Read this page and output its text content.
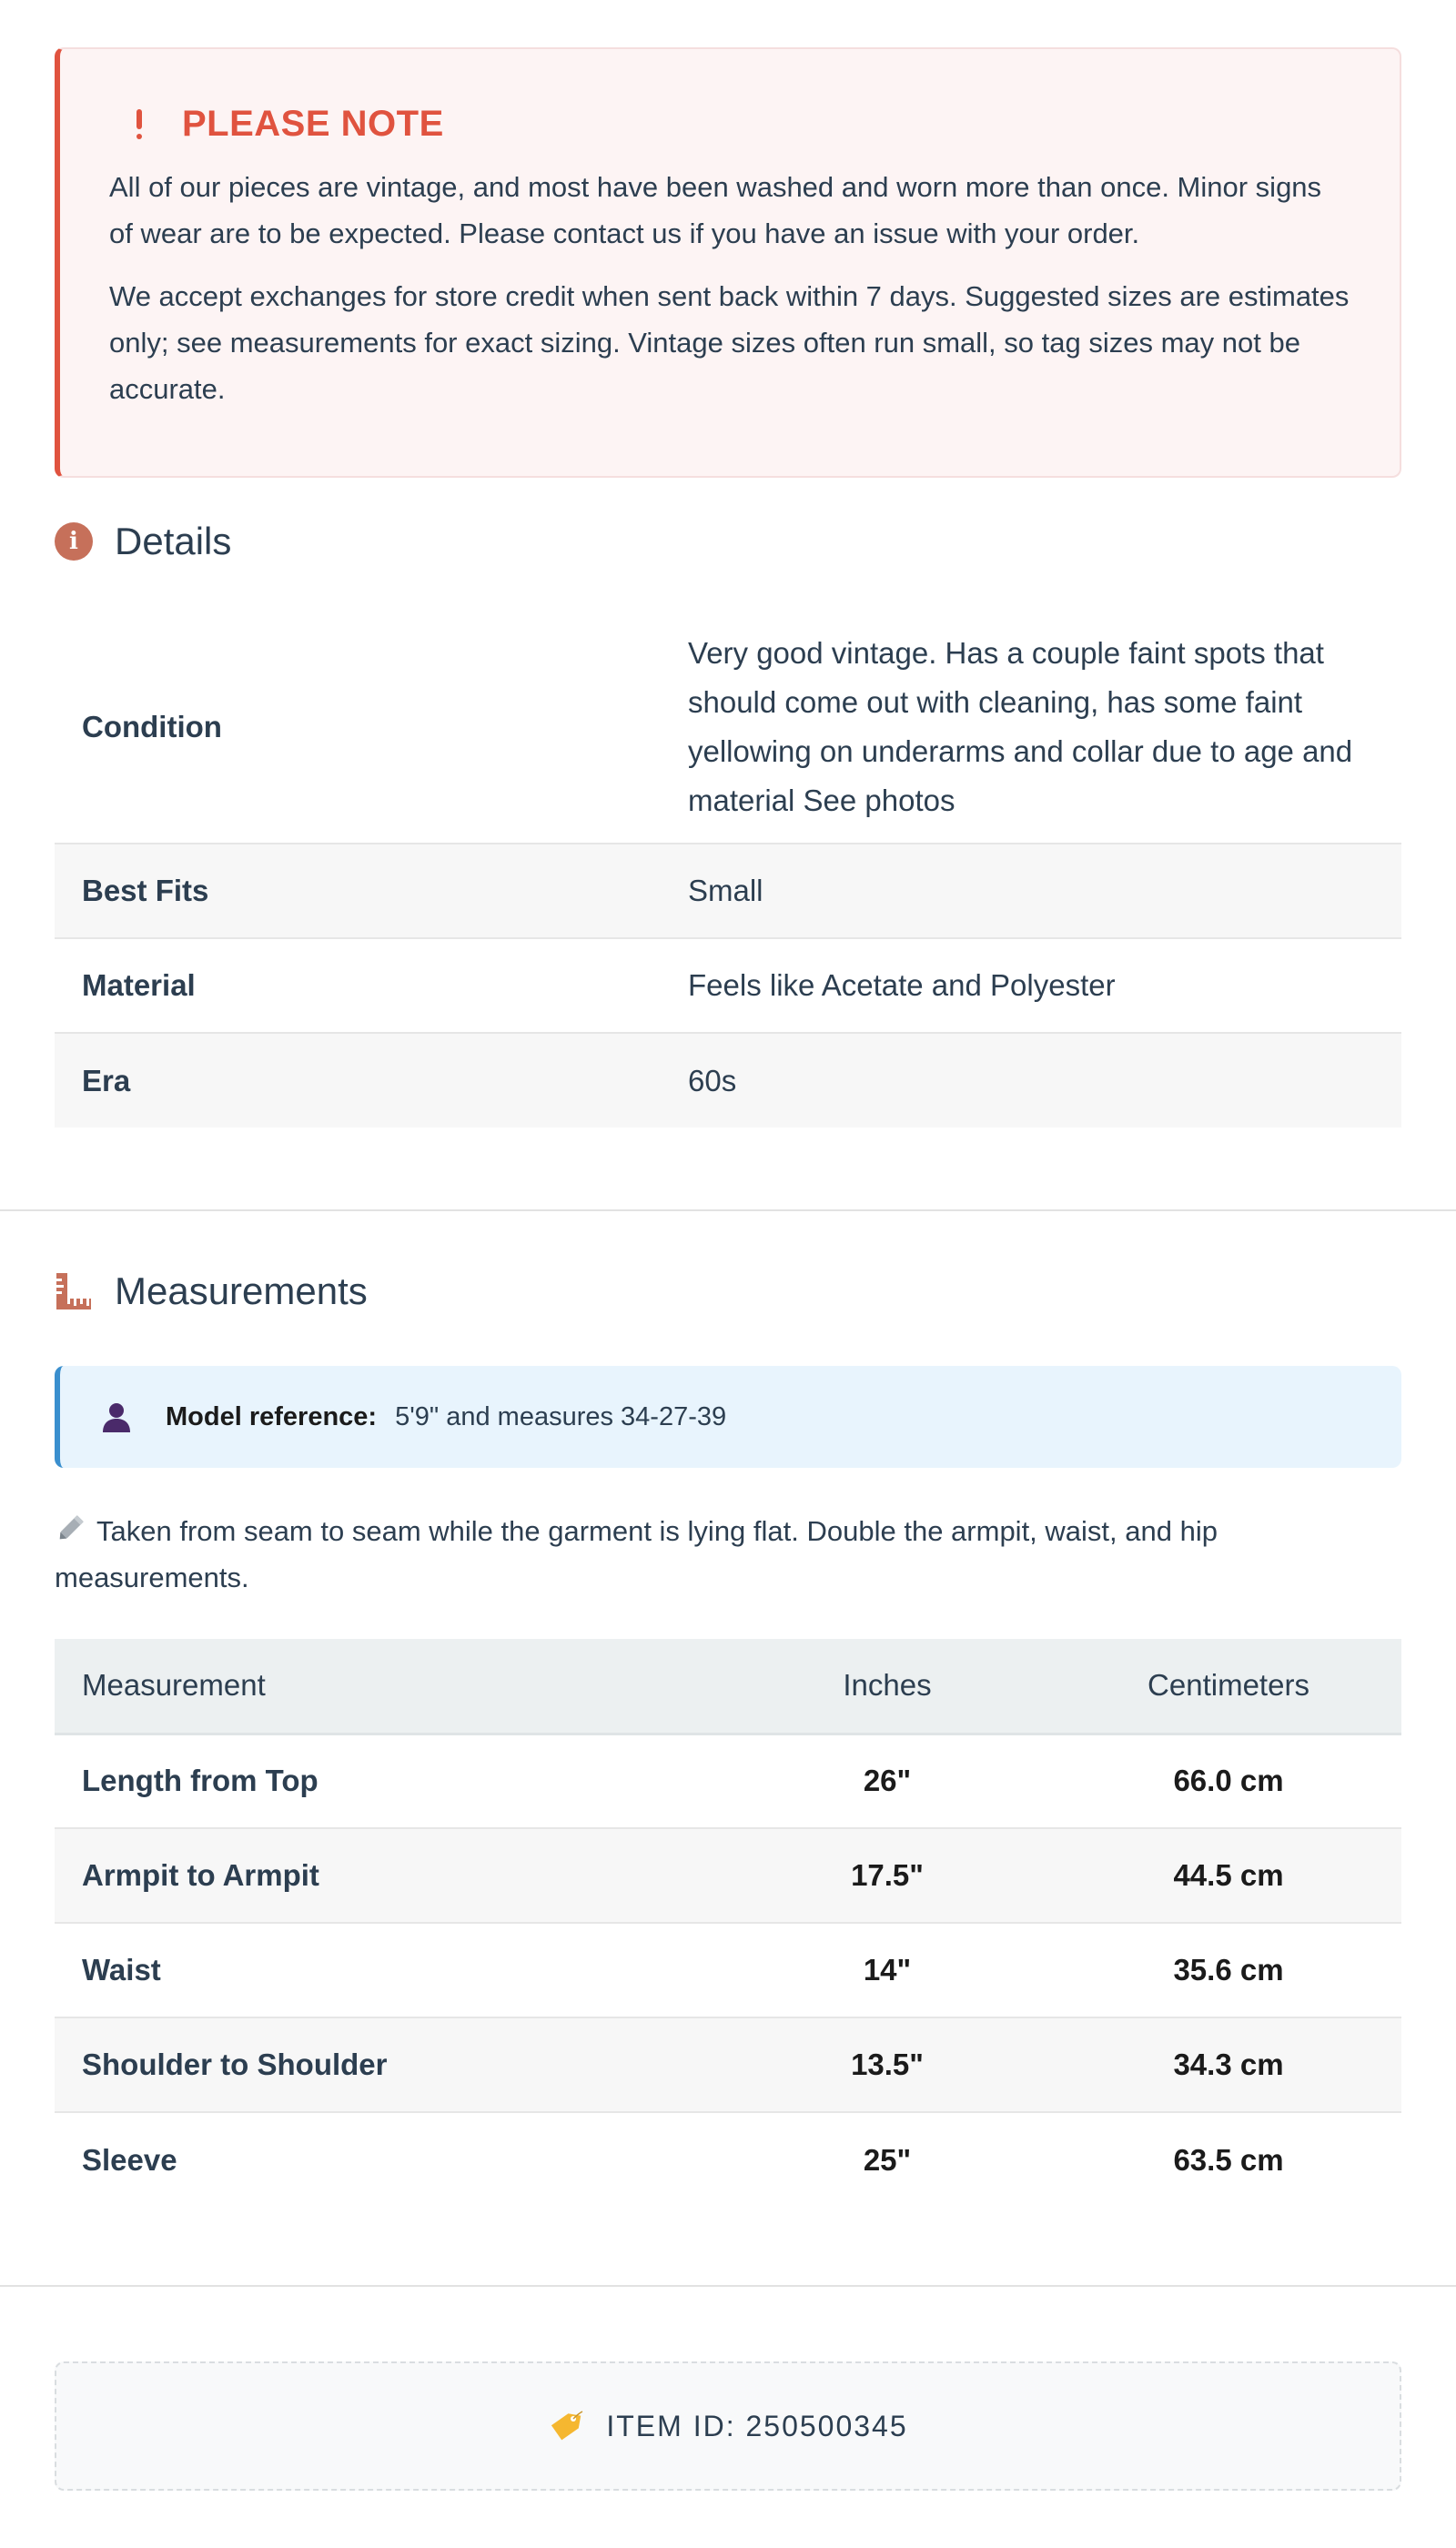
PLEASE NOTE

All of our pieces are vintage, and most have been washed and worn more than once. Minor signs of wear are to be expected. Please contact us if you have an issue with your order.

We accept exchanges for store credit when sent back within 7 days. Suggested sizes are estimates only; see measurements for exact sizing. Vintage sizes often run small, so tag sizes may not be accurate.

i Details
Condition	Very good vintage. Has a couple faint spots that should come out with cleaning, has some faint yellowing on underarms and collar due to age and material See photos
Best Fits	Small
Material	Feels like Acetate and Polyester
Era	60s
Measurements
Model reference: 5'9" and measures 34-27-39
Taken from seam to seam while the garment is lying flat. Double the armpit, waist, and hip measurements.
Measurement	Inches	Centimeters
Length from Top	26"	66.0 cm
Armpit to Armpit	17.5"	44.5 cm
Waist	14"	35.6 cm
Shoulder to Shoulder	13.5"	34.3 cm
Sleeve	25"	63.5 cm
ITEM ID: 250500345
